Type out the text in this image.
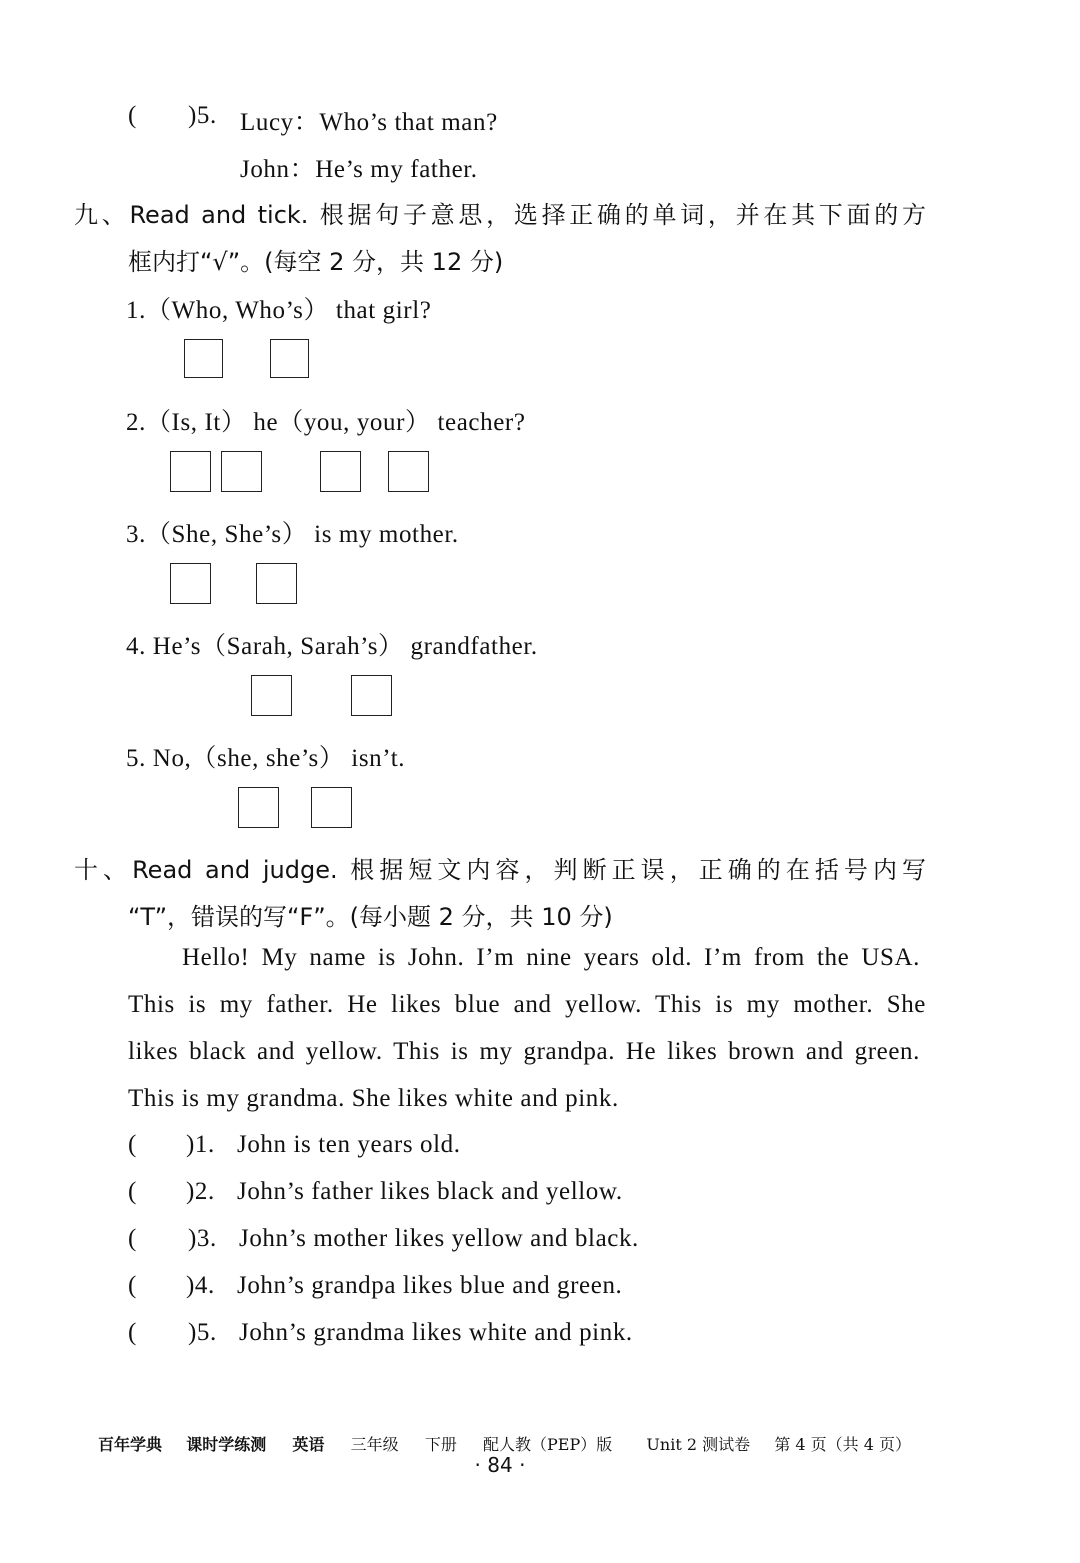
( )5. Lucy：Who’s that man?
John：He’s my father.
九、Read and tick. 根据句子意思，选择正确的单词，并在其下面的方
框内打“√”。(每空 2 分，共 12 分)
1.（Who, Who’s） that girl?
2.（Is, It） he（you, your） teacher?
3.（She, She’s） is my mother.
4. He’s（Sarah, Sarah’s） grandfather.
5. No,（she, she’s） isn’t.
十、Read and judge. 根据短文内容，判断正误，正确的在括号内写
“T”，错误的写“F”。(每小题 2 分，共 10 分)
Hello! My name is John. I’m nine years old. I’m from the USA.
This is my father. He likes blue and yellow. This is my mother. She
likes black and yellow. This is my grandpa. He likes brown and green.
This is my grandma. She likes white and pink.
( )1. John is ten years old.
( )2. John’s father likes black and yellow.
( )3. John’s mother likes yellow and black.
( )4. John’s grandpa likes blue and green.
( )5. John’s grandma likes white and pink.
百年学典 课时学练测 英语 三年级 下册 配人教（PEP）版 Unit 2 测试卷 第 4 页（共 4 页）
· 84 ·
